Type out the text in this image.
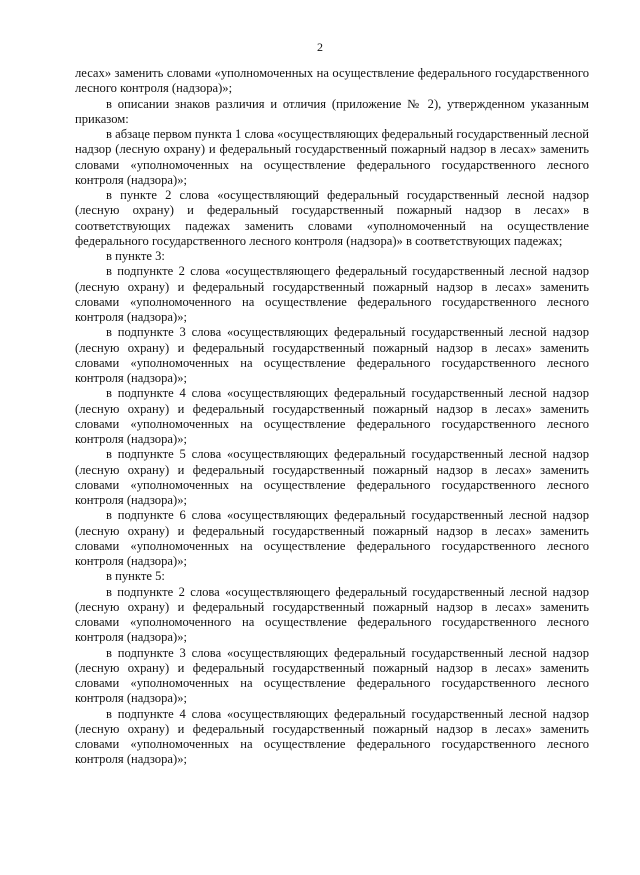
2

лесах» заменить словами «уполномоченных на осуществление федерального государственного лесного контроля (надзора)»;

в описании знаков различия и отличия (приложение № 2), утвержденном указанным приказом:

в абзаце первом пункта 1 слова «осуществляющих федеральный государственный лесной надзор (лесную охрану) и федеральный государственный пожарный надзор в лесах» заменить словами «уполномоченных на осуществление федерального государственного лесного контроля (надзора)»;

в пункте 2 слова «осуществляющий федеральный государственный лесной надзор (лесную охрану) и федеральный государственный пожарный надзор в лесах» в соответствующих падежах заменить словами «уполномоченный на осуществление федерального государственного лесного контроля (надзора)» в соответствующих падежах;

в пункте 3:

в подпункте 2 слова «осуществляющего федеральный государственный лесной надзор (лесную охрану) и федеральный государственный пожарный надзор в лесах» заменить словами «уполномоченного на осуществление федерального государственного лесного контроля (надзора)»;

в подпункте 3 слова «осуществляющих федеральный государственный лесной надзор (лесную охрану) и федеральный государственный пожарный надзор в лесах» заменить словами «уполномоченных на осуществление федерального государственного лесного контроля (надзора)»;

в подпункте 4 слова «осуществляющих федеральный государственный лесной надзор (лесную охрану) и федеральный государственный пожарный надзор в лесах» заменить словами «уполномоченных на осуществление федерального государственного лесного контроля (надзора)»;

в подпункте 5 слова «осуществляющих федеральный государственный лесной надзор (лесную охрану) и федеральный государственный пожарный надзор в лесах» заменить словами «уполномоченных на осуществление федерального государственного лесного контроля (надзора)»;

в подпункте 6 слова «осуществляющих федеральный государственный лесной надзор (лесную охрану) и федеральный государственный пожарный надзор в лесах» заменить словами «уполномоченных на осуществление федерального государственного лесного контроля (надзора)»;

в пункте 5:

в подпункте 2 слова «осуществляющего федеральный государственный лесной надзор (лесную охрану) и федеральный государственный пожарный надзор в лесах» заменить словами «уполномоченного на осуществление федерального государственного лесного контроля (надзора)»;

в подпункте 3 слова «осуществляющих федеральный государственный лесной надзор (лесную охрану) и федеральный государственный пожарный надзор в лесах» заменить словами «уполномоченных на осуществление федерального государственного лесного контроля (надзора)»;

в подпункте 4 слова «осуществляющих федеральный государственный лесной надзор (лесную охрану) и федеральный государственный пожарный надзор в лесах» заменить словами «уполномоченных на осуществление федерального государственного лесного контроля (надзора)»;
